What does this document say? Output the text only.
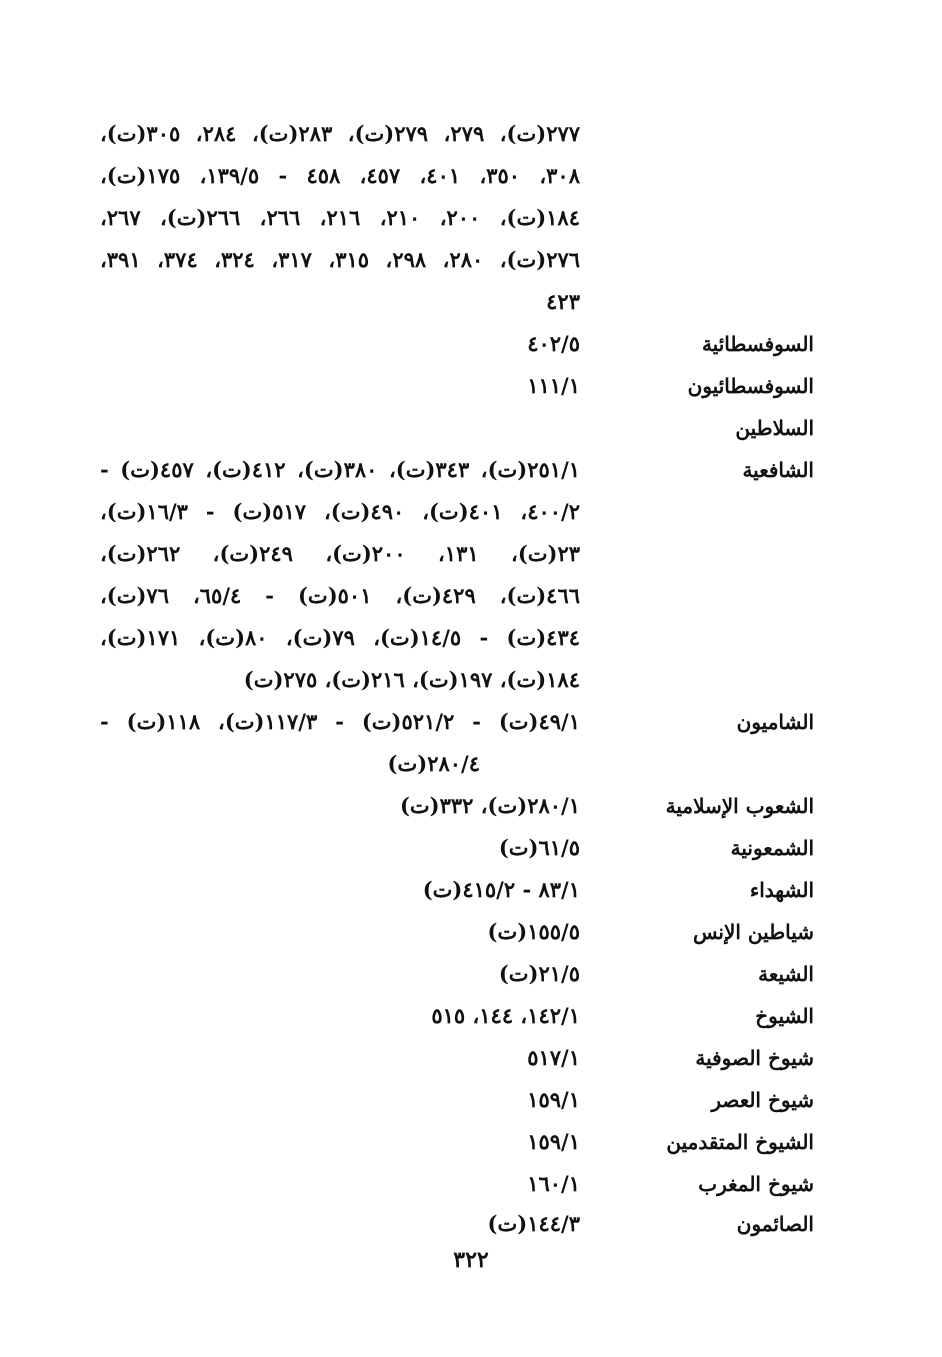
٢٧٧(ت)، ٢٧٩، ٢٧٩(ت)، ٢٨٣(ت)، ٢٨٤، ٣٠٥(ت)،
٣٠٨، ٣٥٠، ٤٠١، ٤٥٧، ٤٥٨ - ١٣٩/٥، ١٧٥(ت)،
١٨٤(ت)، ٢٠٠، ٢١٠، ٢١٦، ٢٦٦، ٢٦٦(ت)، ٢٦٧،
٢٧٦(ت)، ٢٨٠، ٢٩٨، ٣١٥، ٣١٧، ٣٢٤، ٣٧٤، ٣٩١،
٤٢٣
السوفسطائية
٤٠٢/٥
السوفسطائيون
١١١/١
السلاطين
الشافعية
٢٥١/١(ت)، ٣٤٣(ت)، ٣٨٠(ت)، ٤١٢(ت)، ٤٥٧(ت) -
٤٠٠/٢، ٤٠١(ت)، ٤٩٠(ت)، ٥١٧(ت) - ١٦/٣(ت)،
٢٣(ت)، ١٣١، ٢٠٠(ت)، ٢٤٩(ت)، ٢٦٢(ت)،
٤٦٦(ت)، ٤٢٩(ت)، ٥٠١(ت) - ٦٥/٤، ٧٦(ت)،
٤٣٤(ت) - ١٤/٥(ت)، ٧٩(ت)، ٨٠(ت)، ١٧١(ت)،
١٨٤(ت)، ١٩٧(ت)، ٢١٦(ت)، ٢٧٥(ت)
الشاميون
٤٩/١(ت) - ٥٢١/٢(ت) - ١١٧/٣(ت)، ١١٨(ت) -
٢٨٠/٤(ت)
الشعوب الإسلامية
٢٨٠/١(ت)، ٣٣٢(ت)
الشمعونية
٦١/٥(ت)
الشهداء
٨٣/١ - ٤١٥/٢(ت)
شياطين الإنس
١٥٥/٥(ت)
الشيعة
٢١/٥(ت)
الشيوخ
١٤٢/١، ١٤٤، ٥١٥
شيوخ الصوفية
٥١٧/١
شيوخ العصر
١٥٩/١
الشيوخ المتقدمين
١٥٩/١
شيوخ المغرب
١٦٠/١
الصائمون
١٤٤/٣(ت)
٣٢٢
